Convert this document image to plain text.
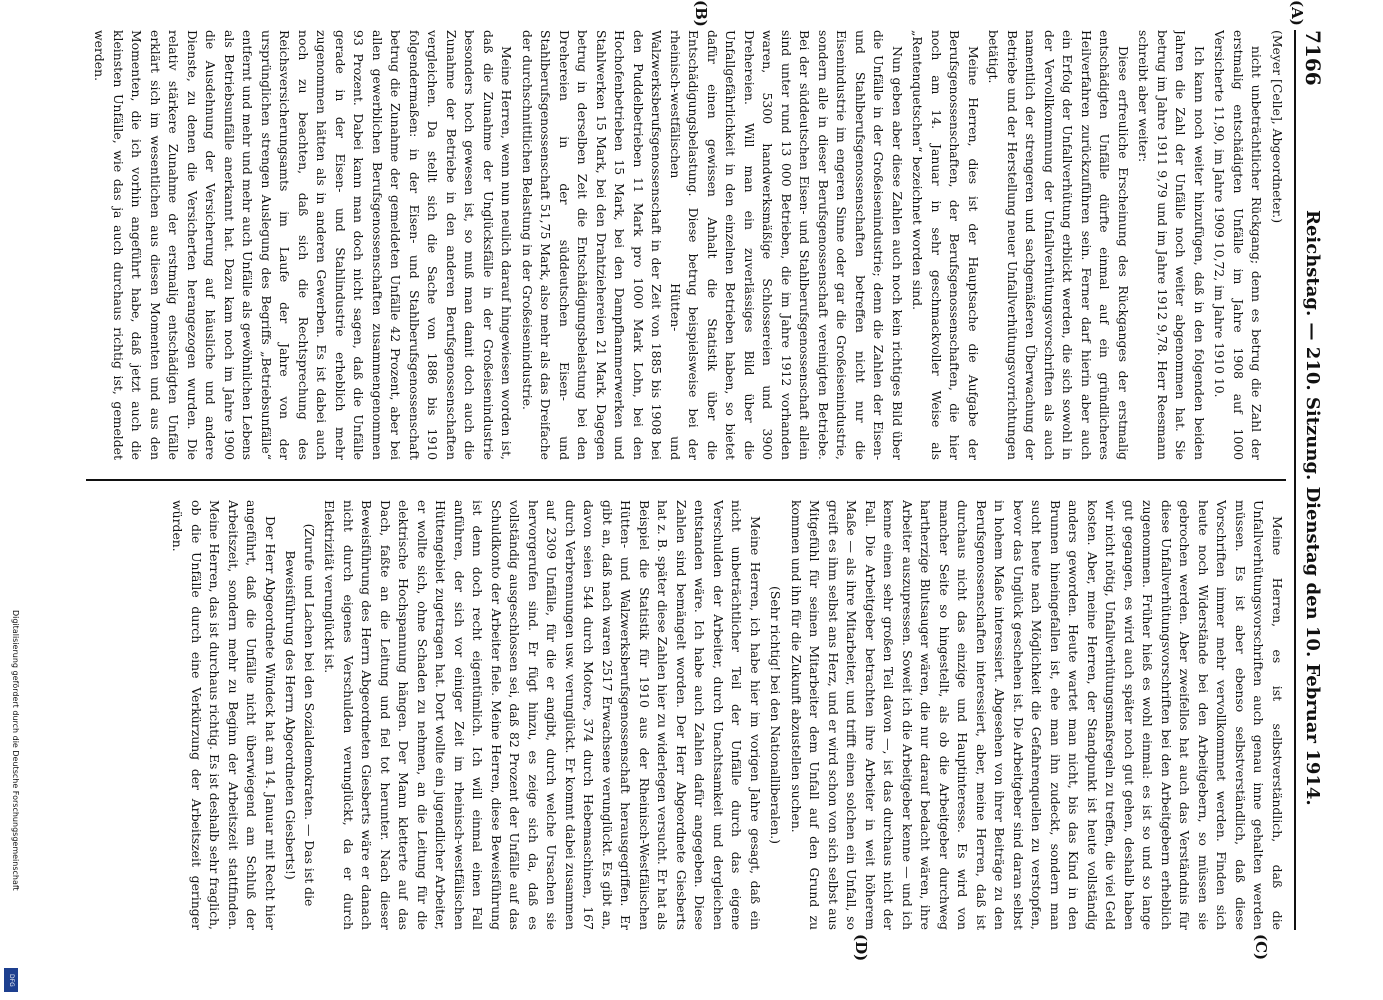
7166
Reichstag. — 210. Sitzung. Dienstag den 10. Februar 1914.
(A)
(B)
(C)
(D)

(Meyer [Celle], Abgeordneter.)

nicht unbeträchtlicher Rückgang; denn es betrug die Zahl der erstmalig entschädigten Unfälle im Jahre 1908 auf 1000 Versicherte 11,90, im Jahre 1909 10,72, im Jahre 1910 10.

Ich kann noch weiter hinzufügen, daß in den folgenden beiden Jahren die Zahl der Unfälle noch weiter abgenommen hat. Sie betrug im Jahre 1911 9,79 und im Jahre 1912 9,78. Herr Reesmann schreibt aber weiter:

Diese erfreuliche Erscheinung des Rückganges der erstmalig entschädigten Unfälle dürfte einmal auf ein gründlicheres Heilverfahren zurückzuführen sein. Ferner darf hierin aber auch ein Erfolg der Unfallverhütung erblickt werden, die sich sowohl in der Vervollkommnung der Unfallverhütungsvorschriften als auch namentlich der strengeren und sachgemäßeren Überwachung der Betriebe und der Herstellung neuer Unfallverhütungsvorrichtungen betätigt.

Meine Herren, dies ist der Hauptsache die Aufgabe der Berufsgenossenschaften, der Berufsgenossenschaften, die hier noch am 14. Januar in sehr geschmackvoller Weise als „Rentenquetschen“ bezeichnet worden sind.

Nun geben aber diese Zahlen auch noch kein richtiges Bild über die Unfälle in der Großeisenindustrie; denn die Zahlen der Eisen- und Stahlberufsgenossenschaften betreffen nicht nur die Eisenindustrie im engeren Sinne oder gar die Großeisenindustrie, sondern alle in dieser Berufsgenossenschaft vereinigten Betriebe. Bei der süddeutschen Eisen- und Stahlberufsgenossenschaft allein sind unter rund 13 000 Betrieben, die im Jahre 1912 vorhanden waren, 5300 handwerksmäßige Schlossereien und 3900 Drehereien. Will man ein zuverlässiges Bild über die Unfallgefährlichkeit in den einzelnen Betrieben haben, so bietet dafür einen gewissen Anhalt die Statistik über die Entschädigungsbelastung. Diese betrug beispielsweise bei der rheinisch-westfälischen Hütten- und Walzwerksberufsgenossenschaft in der Zeit von 1885 bis 1908 bei den Puddelbetrieben 11 Mark pro 1000 Mark Lohn, bei den Hochofenbetrieben 15 Mark, bei den Dampfhammerwerken und Stahlwerken 15 Mark, bei den Drahtziehereien 21 Mark. Dagegen betrug in derselben Zeit die Entschädigungsbelastung bei den Drehereien in der süddeutschen Eisen- und Stahlberufsgenossenschaft 51,75 Mark, also mehr als das Dreifache der durchschnittlichen Belastung in der Großeisenindustrie.

Meine Herren, wenn nun neulich darauf hingewiesen worden ist, daß die Zunahme der Unglücksfälle in der Großeisenindustrie besonders hoch gewesen ist, so muß man damit doch auch die Zunahme der Betriebe in den anderen Berufsgenossenschaften vergleichen. Da stellt sich die Sache von 1886 bis 1910 folgendermaßen: in der Eisen- und Stahlberufsgenossenschaft betrug die Zunahme der gemeldeten Unfälle 42 Prozent, aber bei allen gewerblichen Berufsgenossenschaften zusammengenommen 93 Prozent. Dabei kann man doch nicht sagen, daß die Unfälle gerade in der Eisen- und Stahlindustrie erheblich mehr zugenommen hätten als in anderen Gewerben. Es ist dabei auch noch zu beachten, daß sich die Rechtsprechung des Reichsversicherungsamts im Laufe der Jahre von der ursprünglichen strengen Auslegung des Begriffs „Betriebsunfälle“ entfernt und mehr und mehr auch Unfälle als gewöhnlichen Lebens als Betriebsunfälle anerkannt hat. Dazu kam noch im Jahre 1900 die Ausdehnung der Versicherung auf häusliche und andere Dienste, zu denen die Versicherten herangezogen wurden. Die relativ stärkere Zunahme der erstmalig entschädigten Unfälle erklärt sich im wesentlichen aus diesen Momenten und aus den Momenten, die ich vorhin angeführt habe, daß jetzt auch die kleinsten Unfälle, wie das ja auch durchaus richtig ist, gemeldet werden.

Meine Herren, es ist selbstverständlich, daß die Unfallverhütungsvorschriften auch genau inne gehalten werden müssen. Es ist aber ebenso selbstverständlich, daß diese Vorschriften immer mehr vervollkommnet werden. Finden sich heute noch Widerstände bei den Arbeitgebern, so müssen sie gebrochen werden. Aber zweifellos hat auch das Verständnis für diese Unfallverhütungsvorschriften bei den Arbeitgebern erheblich zugenommen. Früher hieß es wohl einmal: es ist so und so lange gut gegangen, es wird auch später noch gut gehen, deshalb haben wir nicht nötig, Unfallverhütungsmaßregeln zu treffen, die viel Geld kosten. Aber, meine Herren, der Standpunkt ist heute vollständig anders geworden. Heute wartet man nicht, bis das Kind in den Brunnen hineingefallen ist, ehe man ihn zudeckt, sondern man sucht heute nach Möglichkeit die Gefahrenquellen zu verstopfen, bevor das Unglück geschehen ist. Die Arbeitgeber sind daran selbst in hohem Maße interessiert. Abgesehen von ihrer Beiträge zu den Berufsgenossenschaften interessiert, aber, meine Herren, daß ist durchaus nicht das einzige und Hauptinteresse. Es wird von mancher Seite so hingestellt, als ob die Arbeitgeber durchweg hartherzige Blutsauger wären, die nur darauf bedacht wären, ihre Arbeiter auszupressen. Soweit ich die Arbeitgeber kenne — und ich kenne einen sehr großen Teil davon —, ist das durchaus nicht der Fall. Die Arbeitgeber betrachten ihre Arbeiter in weit höherem Maße — als ihre Mitarbeiter, und trifft einen solchen ein Unfall, so greift es ihm selbst ans Herz, und er wird schon von sich selbst aus Mitgefühl für seinen Mitarbeiter dem Unfall auf den Grund zu kommen und ihn für die Zukunft abzustellen suchen.

(Sehr richtig! bei den Nationalliberalen.)

Meine Herren, ich habe hier im vorigen Jahre gesagt, daß ein nicht unbeträchtlicher Teil der Unfälle durch das eigene Verschulden der Arbeiter, durch Unachtsamkeit und dergleichen entstanden wäre. Ich habe auch Zahlen dafür angegeben. Diese Zahlen sind bemängelt worden. Der Herr Abgeordnete Giesberts hat z. B. später diese Zahlen hier zu widerlegen versucht. Er hat als Beispiel die Statistik für 1910 aus der Rheinisch-Westfälischen Hütten- und Walzwerksberufsgenossenschaft herausgegriffen. Er gibt an, daß nach waren 2517 Erwachsene verunglückt. Es gibt an, davon seien 544 durch Motore, 374 durch Hebemaschinen, 167 durch Verbrennungen usw. verunglückt. Er kommt dabei zusammen auf 2309 Unfälle, für die er angibt, durch welche Ursachen sie hervorgerufen sind. Er fügt hinzu, es zeige sich da, daß es vollständig ausgeschlossen sei, daß 82 Prozent der Unfälle auf das Schuldkonto der Arbeiter fiele. Meine Herren, diese Beweisführung ist denn doch recht eigentümlich. Ich will einmal einen Fall anführen, der sich vor einiger Zeit im rheinisch-westfälischen Hüttengebiet zugetragen hat. Dort wollte ein jugendlicher Arbeiter, er wollte sich, ohne Schaden zu nehmen, an die Leitung für die elektrische Hochspannung hängen. Der Mann kletterte auf das Dach, faßte an die Leitung und fiel tot herunter. Nach dieser Beweisführung des Herrn Abgeordneten Giesberts wäre er danach nicht durch eigenes Verschulden verunglückt, da er durch Elektrizität verunglückt ist.

(Zurufe und Lachen bei den Sozialdemokraten. — Das ist die Beweisführung des Herrn Abgeordneten Giesberts!)

Der Herr Abgeordnete Windeck hat am 14. Januar mit Recht hier angeführt, daß die Unfälle nicht überwiegend am Schluß der Arbeitszeit, sondern mehr zu Beginn der Arbeitszeit stattfinden. Meine Herren, das ist durchaus richtig. Es ist deshalb sehr fraglich, ob die Unfälle durch eine Verkürzung der Arbeitszeit geringer würden.

Digitalisierung gefördert durch die Deutsche Forschungsgemeinschaft
DFG
